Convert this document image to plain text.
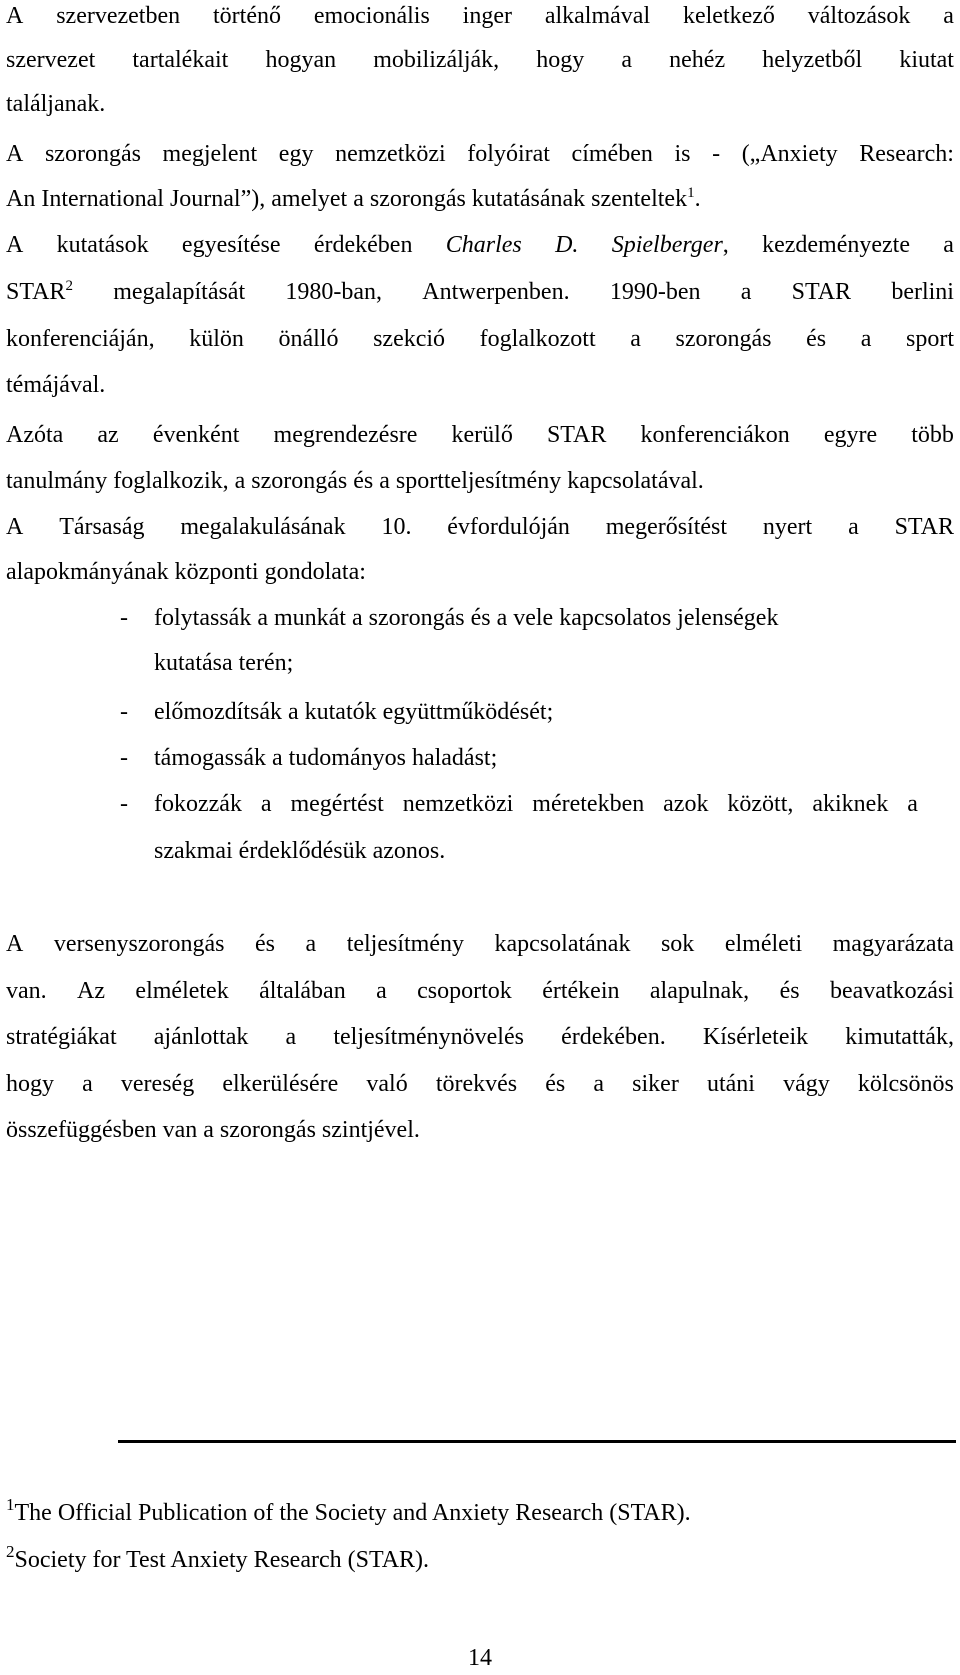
A szervezetben történő emocionális inger alkalmával keletkező változások a
szervezet tartalékait hogyan mobilizálják, hogy a nehéz helyzetből kiutat
találjanak.
A szorongás megjelent egy nemzetközi folyóirat címében is - („Anxiety Research:
An International Journal”), amelyet a szorongás kutatásának szenteltek$^1$.
A kutatások egyesítése érdekében Charles D. Spielberger, kezdeményezte a
STAR$^2$ megalapítását 1980-ban, Antwerpenben. 1990-ben a STAR berlini
konferenciáján, külön önálló szekció foglalkozott a szorongás és a sport
témájával.
Azóta az évenként megrendezésre kerülő STAR konferenciákon egyre több
tanulmány foglalkozik, a szorongás és a sportteljesítmény kapcsolatával.
A Társaság megalakulásának 10. évfordulóján megerősítést nyert a STAR
alapokmányának központi gondolata:
- folytassák a munkát a szorongás és a vele kapcsolatos jelenségek
kutatása terén;
- előmozdítsák a kutatók együttműködését;
- támogassák a tudományos haladást;
- fokozzák a megértést nemzetközi méretekben azok között, akiknek a
szakmai érdeklődésük azonos.
A versenyszorongás és a teljesítmény kapcsolatának sok elméleti magyarázata
van. Az elméletek általában a csoportok értékein alapulnak, és beavatkozási
stratégiákat ajánlottak a teljesítménynövelés érdekében. Kísérleteik kimutatták,
hogy a vereség elkerülésére való törekvés és a siker utáni vágy kölcsönös
összefüggésben van a szorongás szintjével.
$^1$The Official Publication of the Society and Anxiety Research (STAR).
$^2$Society for Test Anxiety Research (STAR).
14
